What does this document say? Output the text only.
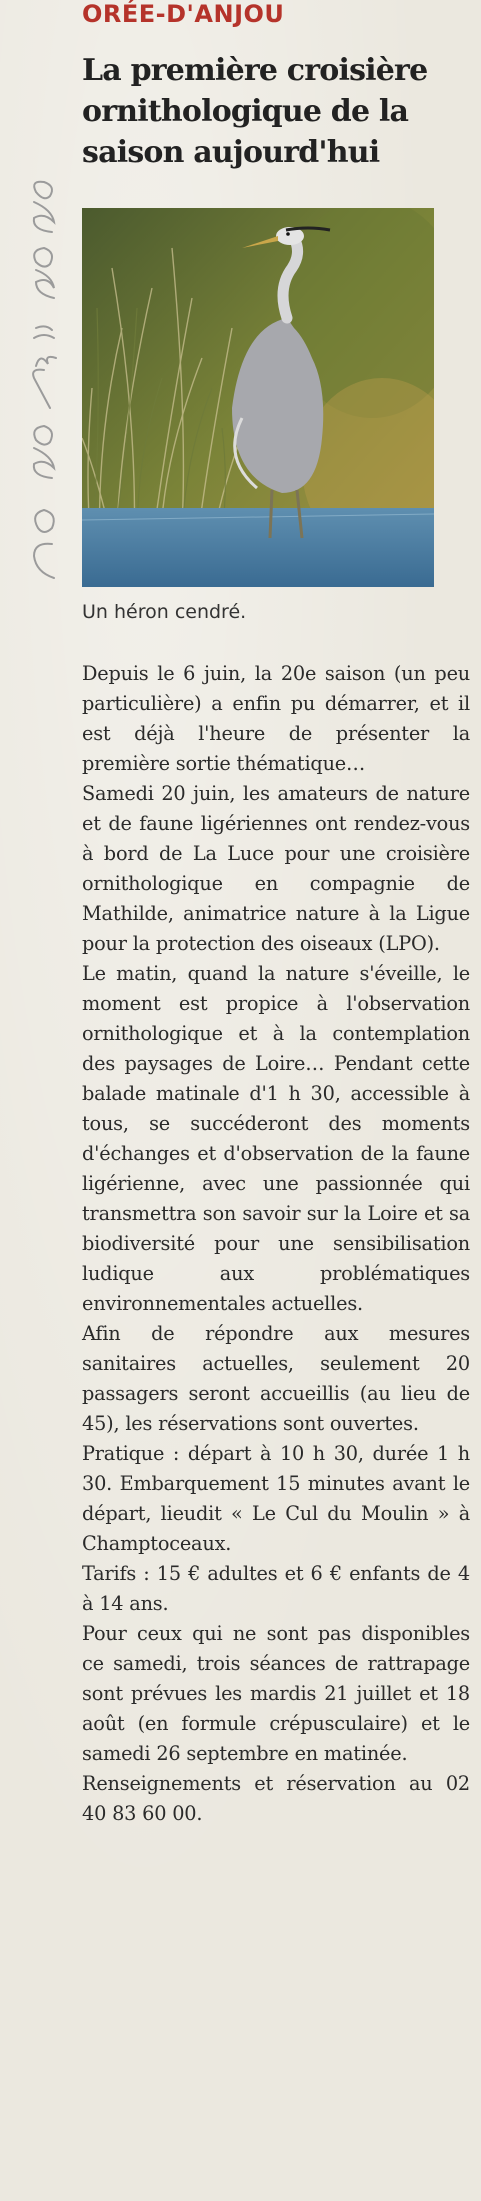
ORÉE-D'ANJOU
La première croisière ornithologique de la saison aujourd'hui
Un héron cendré.

Depuis le 6 juin, la 20e saison (un peu particulière) a enfin pu démarrer, et il est déjà l'heure de présenter la première sortie thématique…

Samedi 20 juin, les amateurs de nature et de faune ligériennes ont rendez-vous à bord de La Luce pour une croisière ornithologique en compagnie de Mathilde, animatrice nature à la Ligue pour la protection des oiseaux (LPO).

Le matin, quand la nature s'éveille, le moment est propice à l'observation ornithologique et à la contemplation des paysages de Loire… Pendant cette balade matinale d'1 h 30, accessible à tous, se succéderont des moments d'échanges et d'observation de la faune ligérienne, avec une passionnée qui transmettra son savoir sur la Loire et sa biodiversité pour une sensibilisation ludique aux problématiques environnementales actuelles.

Afin de répondre aux mesures sanitaires actuelles, seulement 20 passagers seront accueillis (au lieu de 45), les réservations sont ouvertes.

Pratique : départ à 10 h 30, durée 1 h 30. Embarquement 15 minutes avant le départ, lieudit « Le Cul du Moulin » à Champtoceaux.

Tarifs : 15 € adultes et 6 € enfants de 4 à 14 ans.

Pour ceux qui ne sont pas disponibles ce samedi, trois séances de rattrapage sont prévues les mardis 21 juillet et 18 août (en formule crépusculaire) et le samedi 26 septembre en matinée.

Renseignements et réservation au 02 40 83 60 00.
